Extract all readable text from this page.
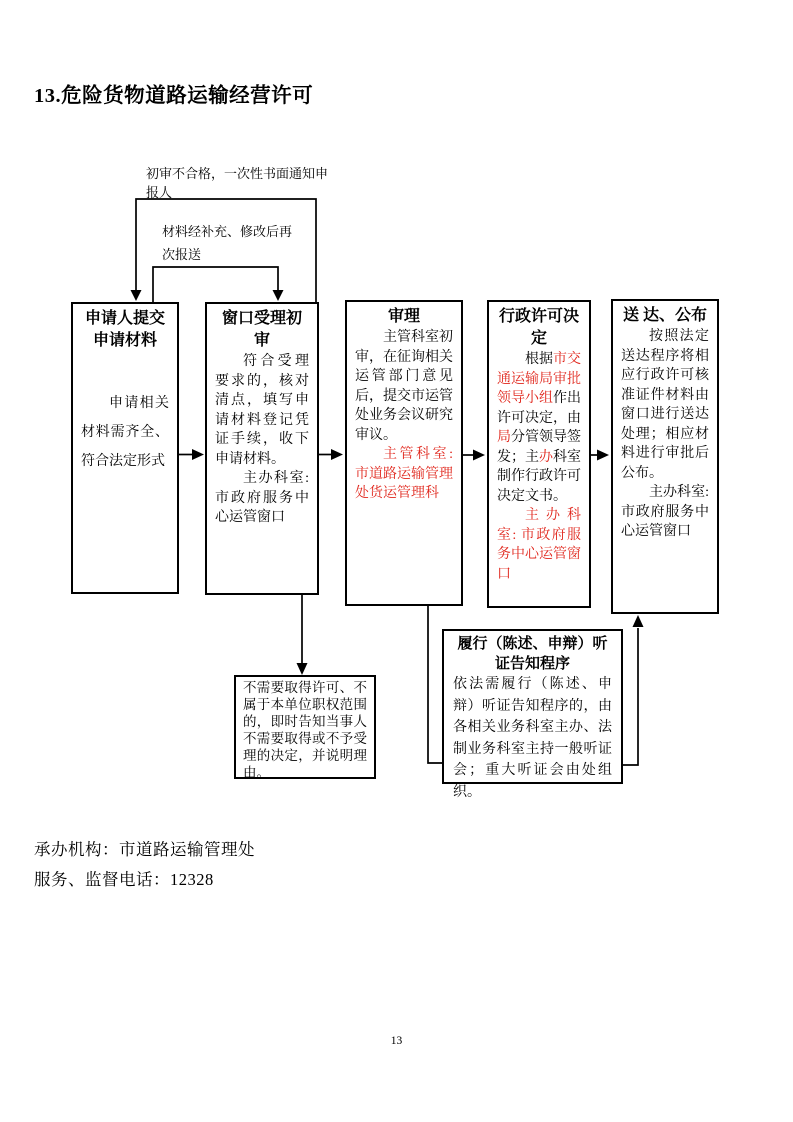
13.危险货物道路运输经营许可
初审不合格，一次性书面通知申报人
材料经补充、修改后再次报送
申请人提交申请材料

申请相关材料需齐全、符合法定形式

窗口受理初审

符合受理要求的，核对清点，填写申请材料登记凭证手续，收下申请材料。

主办科室:市政府服务中心运管窗口

审理

主管科室初审，在征询相关运管部门意见后，提交市运管处业务会议研究审议。

主管科室:市道路运输管理处货运管理科

行政许可决定

根据市交通运输局审批领导小组作出许可决定，由局分管领导签发；主办科室制作行政许可决定文书。

主办科室: 市政府服务中心运管窗口

送 达、公布

按照法定送达程序将相应行政许可核准证件材料由窗口进行送达处理；相应材料进行审批后公布。

主办科室: 市政府服务中心运管窗口

不需要取得许可、不属于本单位职权范围的，即时告知当事人不需要取得或不予受理的决定，并说明理由。

履行（陈述、申辩）听证告知程序

依法需履行（陈述、申辩）听证告知程序的，由各相关业务科室主办、法制业务科室主持一般听证会；重大听证会由处组织。

承办机构：市道路运输管理处
服务、监督电话：12328
13
